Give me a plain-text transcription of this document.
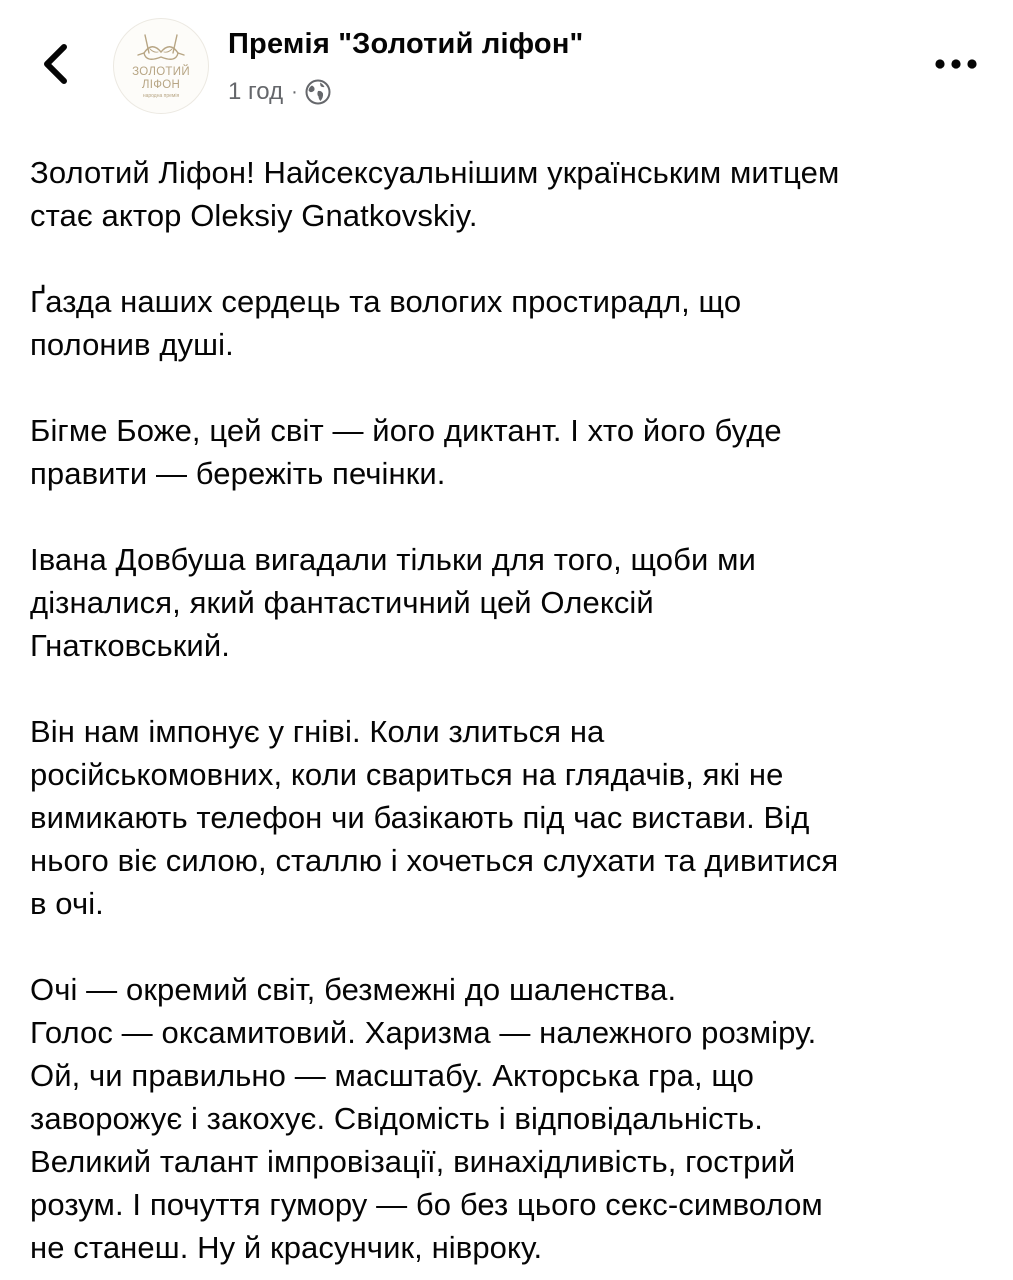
ЗОЛОТИЙ
ЛІФОН
народна премія
Премія "Золотий ліфон"
1 год ·
Золотий Ліфон! Найсексуальнішим українським митцем
стає актор Oleksiy Gnatkovskiy.
Ґазда наших сердець та вологих простирадл, що
полонив душі.
Бігме Боже, цей світ — його диктант. І хто його буде
правити — бережіть печінки.
Івана Довбуша вигадали тільки для того, щоби ми
дізналися, який фантастичний цей Олексій
Гнатковський.
Він нам імпонує у гніві. Коли злиться на
російськомовних, коли свариться на глядачів, які не
вимикають телефон чи базікають під час вистави. Від
нього віє силою, сталлю і хочеться слухати та дивитися
в очі.
Очі — окремий світ, безмежні до шаленства.
Голос — оксамитовий. Харизма — належного розміру.
Ой, чи правильно — масштабу. Акторська гра, що
заворожує і закохує. Свідомість і відповідальність.
Великий талант імпровізації, винахідливість, гострий
розум. І почуття гумору — бо без цього секс-символом
не станеш. Ну й красунчик, нівроку.
